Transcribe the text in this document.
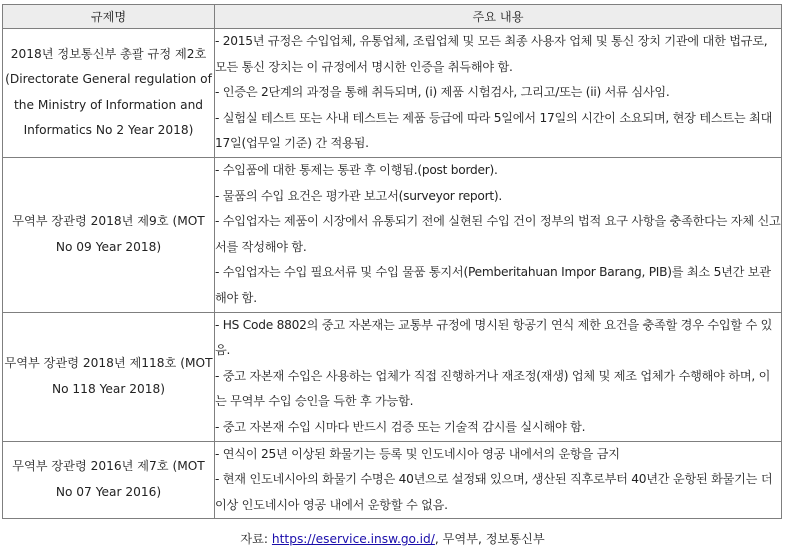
규제명	주요 내용
2018년 정보통신부 총괄 규정 제2호(Directorate General regulation of the Ministry of Information and Informatics No 2 Year 2018)	- 2015년 규정은 수입업체, 유통업체, 조립업체 및 모든 최종 사용자 업체 및 통신 장치 기관에 대한 법규로, 모든 통신 장치는 이 규정에서 명시한 인증을 취득해야 함.
- 인증은 2단계의 과정을 통해 취득되며, (i) 제품 시험검사, 그리고/또는 (ii) 서류 심사임.
- 실험실 테스트 또는 사내 테스트는 제품 등급에 따라 5일에서 17일의 시간이 소요되며, 현장 테스트는 최대 17일(업무일 기준) 간 적용됨.

무역부 장관령 2018년 제9호 (MOT No 09 Year 2018)	- 수입품에 대한 통제는 통관 후 이행됨.(post border).
- 물품의 수입 요건은 평가관 보고서(surveyor report).
- 수입업자는 제품이 시장에서 유통되기 전에 실현된 수입 건이 정부의 법적 요구 사항을 충족한다는 자체 신고서를 작성해야 함.
- 수입업자는 수입 필요서류 및 수입 물품 통지서(Pemberitahuan Impor Barang, PIB)를 최소 5년간 보관해야 함.

무역부 장관령 2018년 제118호 (MOT No 118 Year 2018)	- HS Code 8802의 중고 자본재는 교통부 규정에 명시된 항공기 연식 제한 요건을 충족할 경우 수입할 수 있음.
- 중고 자본재 수입은 사용하는 업체가 직접 진행하거나 재조정(재생) 업체 및 제조 업체가 수행해야 하며, 이는 무역부 수입 승인을 득한 후 가능함.
- 중고 자본재 수입 시마다 반드시 검증 또는 기술적 감시를 실시해야 함.

무역부 장관령 2016년 제7호 (MOT No 07 Year 2016)	- 연식이 25년 이상된 화물기는 등록 및 인도네시아 영공 내에서의 운항을 금지
- 현재 인도네시아의 화물기 수명은 40년으로 설정돼 있으며, 생산된 직후로부터 40년간 운항된 화물기는 더 이상 인도네시아 영공 내에서 운항할 수 없음.
자료: https://eservice.insw.go.id/, 무역부, 정보통신부
